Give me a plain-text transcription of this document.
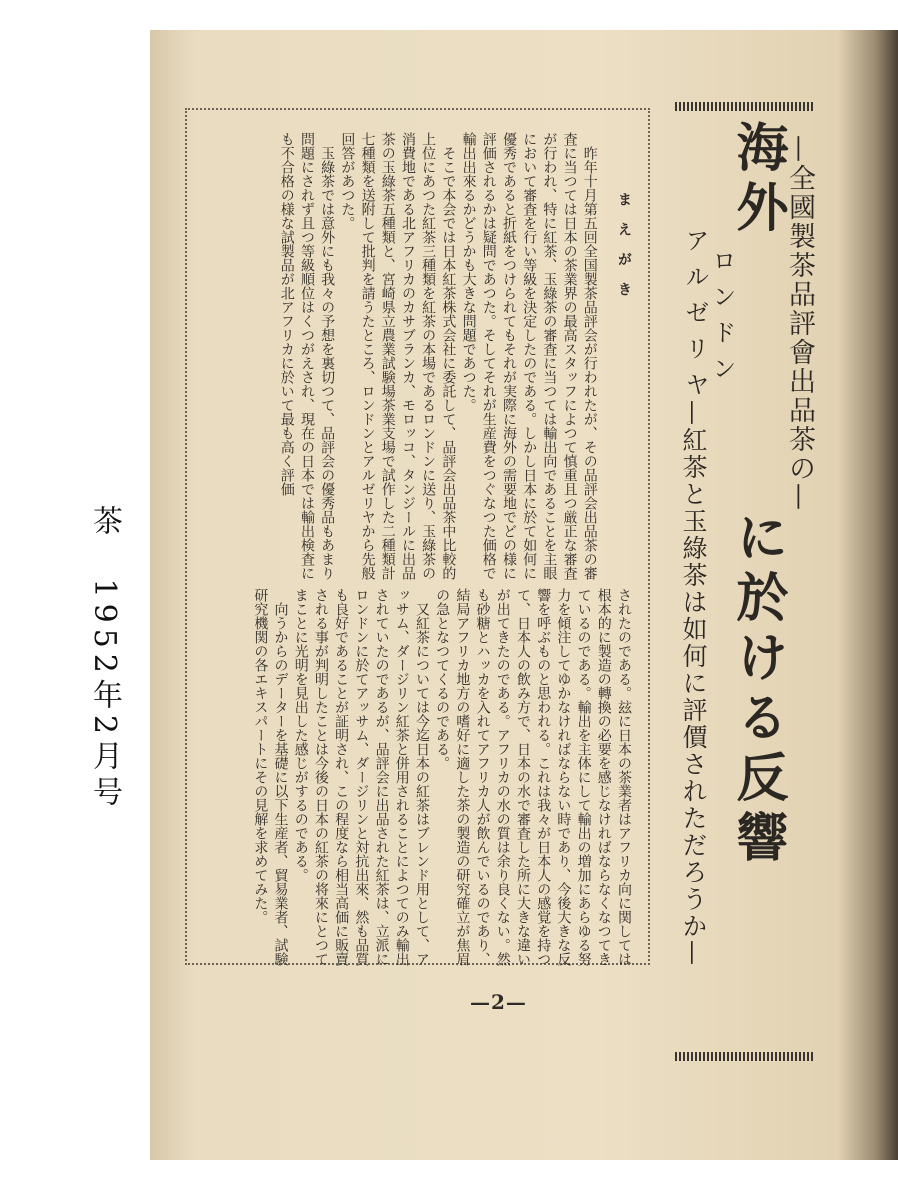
茶 1952年2月号
—全國製茶品評會出品茶の—
海外
ロンドン
アルゼリヤ
に於ける反響
—紅茶と玉綠茶は如何に評價されただろうか—
まえがき

昨年十月第五回全国製茶品評会が行われたが、その品評会出品茶の審査に当つては日本の茶業界の最高スタッフによつて慎重且つ厳正な審査が行われ、特に紅茶、玉綠茶の審査に当つては輸出向であることを主眼において審査を行い等級を決定したのである。しかし日本に於て如何に優秀であると折紙をつけられてもそれが実際に海外の需要地でどの様に評価されるかは疑問であつた。そしてそれが生産費をつぐなつた価格で輸出出來るかどうかも大きな問題であつた。

そこで本会では日本紅茶株式会社に委託して、品評会出品茶中比較的上位にあつた紅茶三種類を紅茶の本場であるロンドンに送り、玉綠茶の消費地である北アフリカのカサブランカ、モロッコ、タンジールに出品茶の玉綠茶五種類と、宮崎県立農業試験場茶業支場で試作した二種類計七種類を送附して批判を請うたところ、ロンドンとアルゼリヤから先般回答があつた。

玉綠茶では意外にも我々の予想を裏切つて、品評会の優秀品もあまり問題にされず且つ等級順位はくつがえされ、現在の日本では輸出検査にも不合格の様な試製品が北アフリカに於いて最も高く評価

されたのである。玆に日本の茶業者はアフリカ向に関しては根本的に製造の轉換の必要を感じなければならなくなつてきているのである。輸出を主体にして輸出の増加にあらゆる努力を傾注してゆかなければならない時であり、今後大きな反響を呼ぶものと思われる。これは我々が日本人の感覚を持つて、日本人の飲み方で、日本の水で審査した所に大きな違いが出てきたのである。アフリカの水の質は余り良くない。然も砂糖とハッカを入れてアフリカ人が飲んでいるのであり、結局アフリカ地方の嗜好に適した茶の製造の研究確立が焦眉の急となつてくるのである。

又紅茶については今迄日本の紅茶はブレンド用として、アッサム、ダージリン紅茶と併用されることによつてのみ輸出されていたのであるが、品評会に出品された紅茶は、立派にロンドンに於てアッサム、ダージリンと対抗出來、然も品質も良好であることが証明され、この程度なら相当高価に販賣される事が判明したことは今後の日本の紅茶の将來にとつてまことに光明を見出した感じがするのである。

向うからのデーターを基礎に以下生産者、貿易業者、試験研究機関の各エキスパートにその見解を求めてみた。

—2—
